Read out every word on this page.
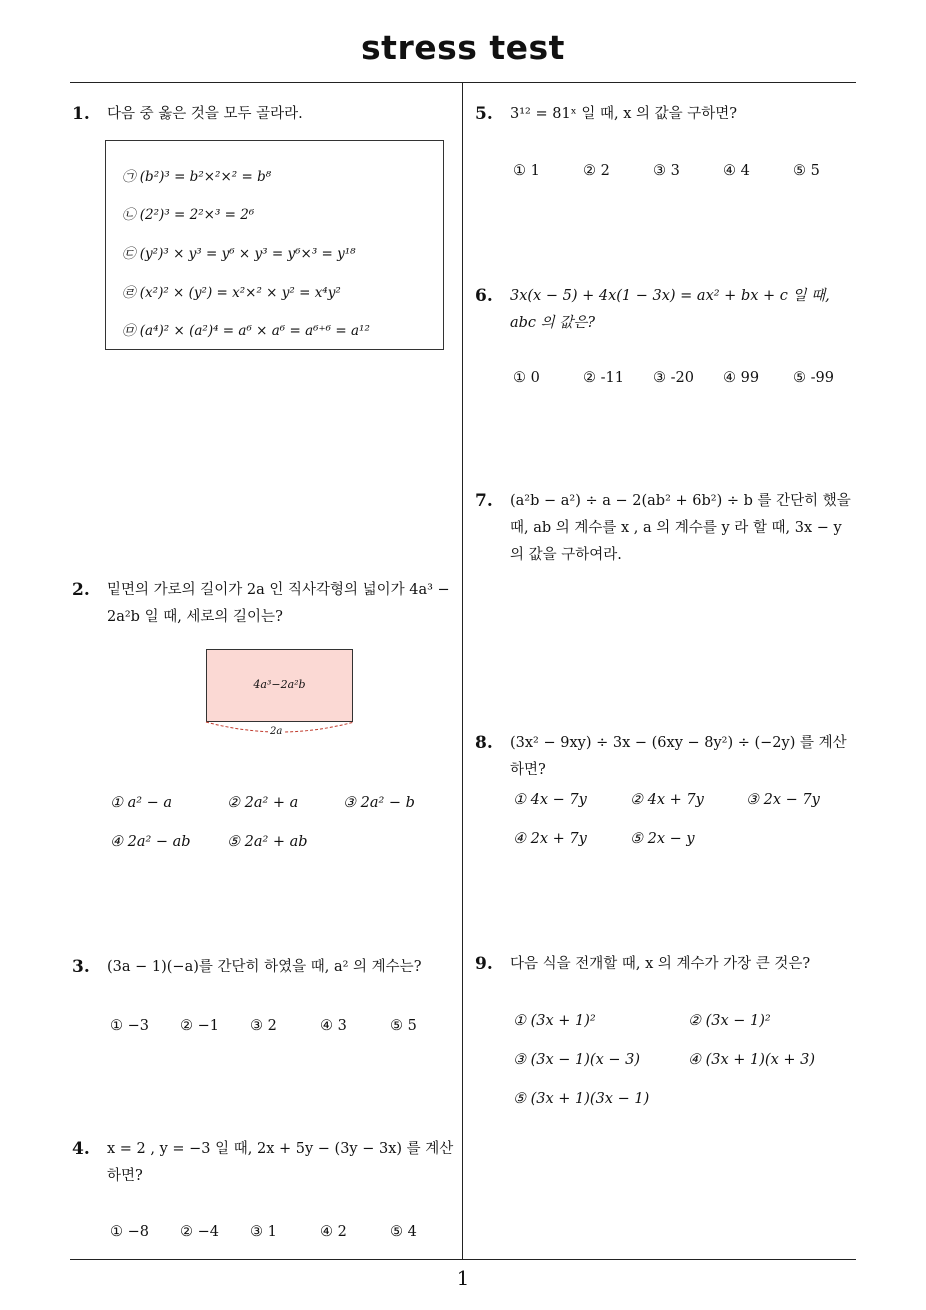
stress test
1
1. 다음 중 옳은 것을 모두 골라라.
㉠ (b²)³ = b²×²×² = b⁸
㉡ (2²)³ = 2²×³ = 2⁶
㉢ (y²)³ × y³ = y⁶ × y³ = y⁶×³ = y¹⁸
㉣ (x²)² × (y²) = x²×² × y² = x⁴y²
㉤ (a⁴)² × (a²)⁴ = a⁶ × a⁶ = a⁶⁺⁶ = a¹²
2. 밑면의 가로의 길이가 2a 인 직사각형의 넓이가 4a³ − 2a²b 일 때, 세로의 길이는?
4a³−2a²b
2a
① a² − a	② 2a² + a	③ 2a² − b
④ 2a² − ab	⑤ 2a² + ab
3. (3a − 1)(−a)를 간단히 하였을 때, a² 의 계수는?
① −3 ② −1 ③ 2	④ 3	⑤ 5
4. x = 2 , y = −3 일 때, 2x + 5y − (3y − 3x) 를 계산하면?
① −8 ② −4 ③ 1	④ 2	⑤ 4
5. 3¹² = 81ˣ 일 때, x 의 값을 구하면?
① 1	② 2	③ 3	④ 4	⑤ 5
6. 3x(x − 5) + 4x(1 − 3x) = ax² + bx + c 일 때, abc 의 값은?
① 0	② -11 ③ -20 ④ 99 ⑤ -99
7. (a²b − a²) ÷ a − 2(ab² + 6b²) ÷ b 를 간단히 했을 때, ab 의 계수를 x , a 의 계수를 y 라 할 때, 3x − y 의 값을 구하여라.
8. (3x² − 9xy) ÷ 3x − (6xy − 8y²) ÷ (−2y) 를 계산하면?
① 4x − 7y	② 4x + 7y	③ 2x − 7y
④ 2x + 7y	⑤ 2x − y
9. 다음 식을 전개할 때, x 의 계수가 가장 큰 것은?
① (3x + 1)²	② (3x − 1)²
③ (3x − 1)(x − 3)	④ (3x + 1)(x + 3)
⑤ (3x + 1)(3x − 1)
